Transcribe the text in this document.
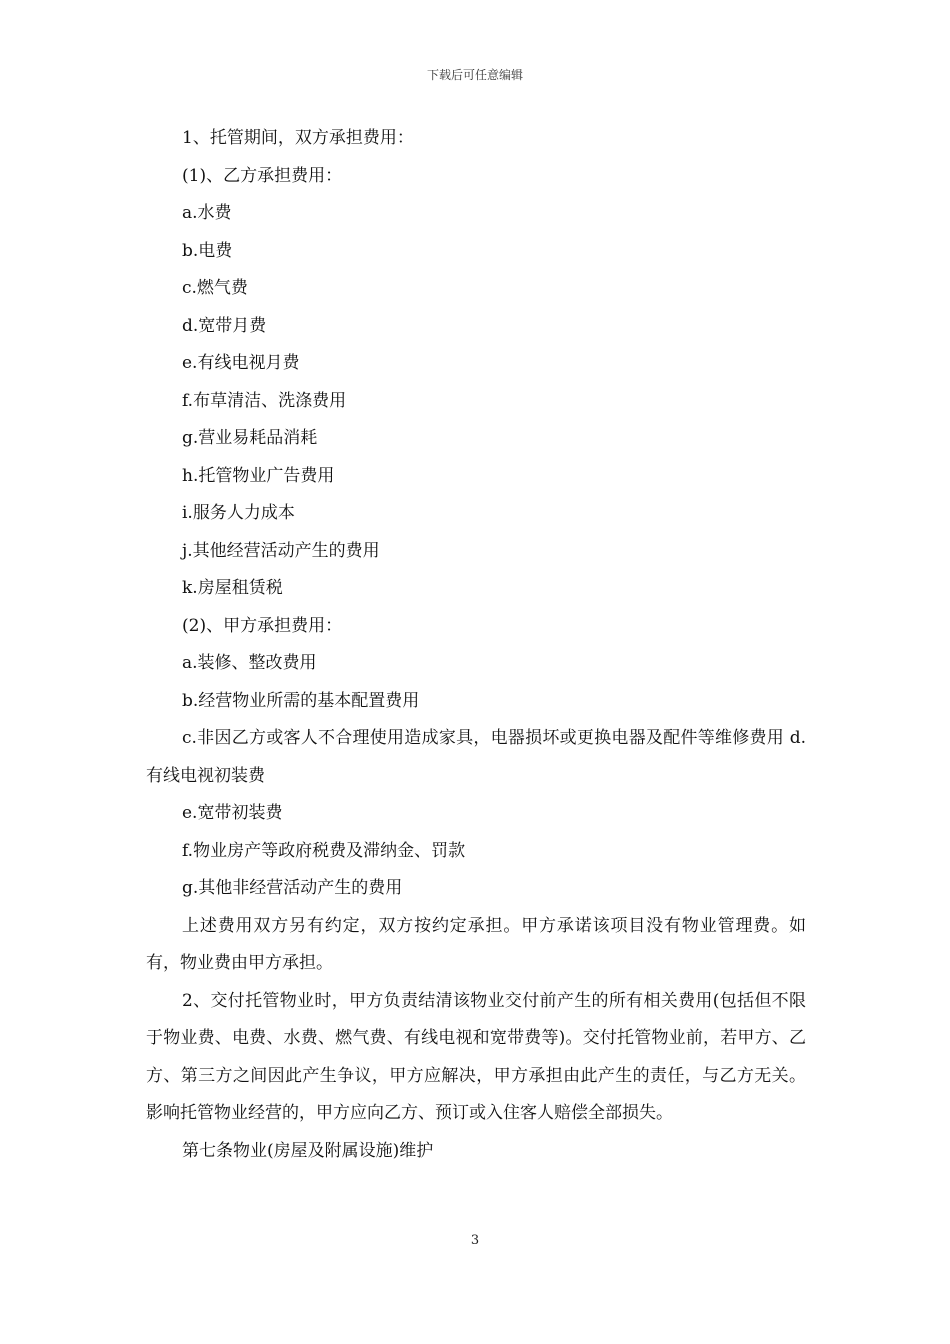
下载后可任意编辑

1、托管期间，双方承担费用：

(1)、乙方承担费用：

a.水费

b.电费

c.燃气费

d.宽带月费

e.有线电视月费

f.布草清洁、洗涤费用

g.营业易耗品消耗

h.托管物业广告费用

i.服务人力成本

j.其他经营活动产生的费用

k.房屋租赁税

(2)、甲方承担费用：

a.装修、整改费用

b.经营物业所需的基本配置费用

c.非因乙方或客人不合理使用造成家具，电器损坏或更换电器及配件等维修费用 d.有线电视初装费

e.宽带初装费

f.物业房产等政府税费及滞纳金、罚款

g.其他非经营活动产生的费用

上述费用双方另有约定，双方按约定承担。甲方承诺该项目没有物业管理费。如有，物业费由甲方承担。

2、交付托管物业时，甲方负责结清该物业交付前产生的所有相关费用(包括但不限于物业费、电费、水费、燃气费、有线电视和宽带费等)。交付托管物业前，若甲方、乙方、第三方之间因此产生争议，甲方应解决，甲方承担由此产生的责任，与乙方无关。影响托管物业经营的，甲方应向乙方、预订或入住客人赔偿全部损失。

第七条物业(房屋及附属设施)维护

3
